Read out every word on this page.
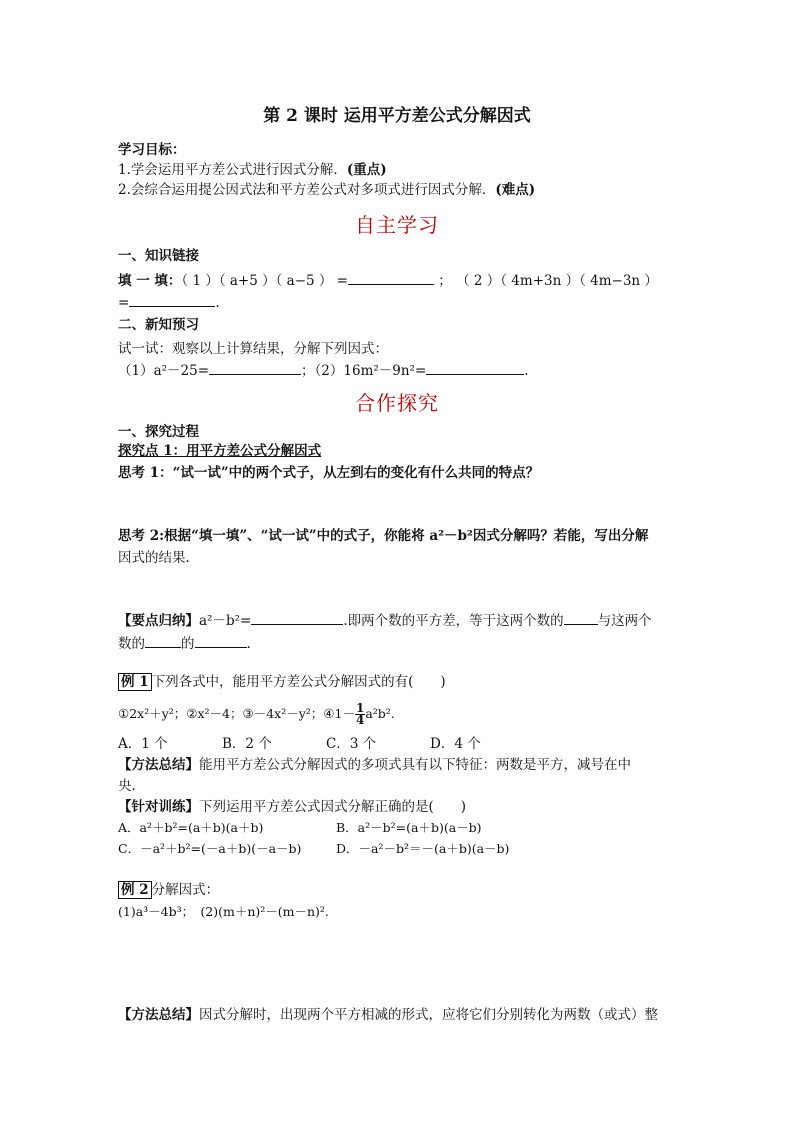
第 2 课时 运用平方差公式分解因式
学习目标：
1.学会运用平方差公式进行因式分解．(重点)
2.会综合运用提公因式法和平方差公式对多项式进行因式分解．(难点)
自主学习
一、知识链接
填 一 填：（ 1 ）（ a+5 ）（ a−5 ） =	； （ 2 ）（ 4m+3n ）（ 4m−3n ）
=	.
二、新知预习
试一试：观察以上计算结果，分解下列因式：
（1）a²－25=	；（2）16m²－9n²=	.
合作探究
一、探究过程
探究点 1：用平方差公式分解因式
思考 1：“试一试”中的两个式子，从左到右的变化有什么共同的特点？
思考 2:根据“填一填”、“试一试”中的式子，你能将 a²－b²因式分解吗？若能，写出分解
因式的结果.
【要点归纳】a²－b²=	.即两个数的平方差，等于这两个数的	与这两个
数的	的	.
例 1 下列各式中，能用平方差公式分解因式的有(　　)
①2x²＋y²；②x²－4；③－4x²－y²；④1－ $\frac{1}{4} a^2b^2$.
A．1 个	B．2 个	C．3 个	D．4 个
【方法总结】能用平方差公式分解因式的多项式具有以下特征：两数是平方，减号在中
央.
【针对训练】下列运用平方差公式因式分解正确的是(　　)
A．a²＋b²=(a＋b)(a＋b)	B．a²－b²=(a＋b)(a－b)
C．－a²＋b²=(－a＋b)(－a－b)	D．－a²－b²＝－(a＋b)(a－b)
例 2 分解因式：
(1)a³－4b³；　(2)(m＋n)²－(m－n)².
【方法总结】因式分解时，出现两个平方相减的形式，应将它们分别转化为两数（或式）整
